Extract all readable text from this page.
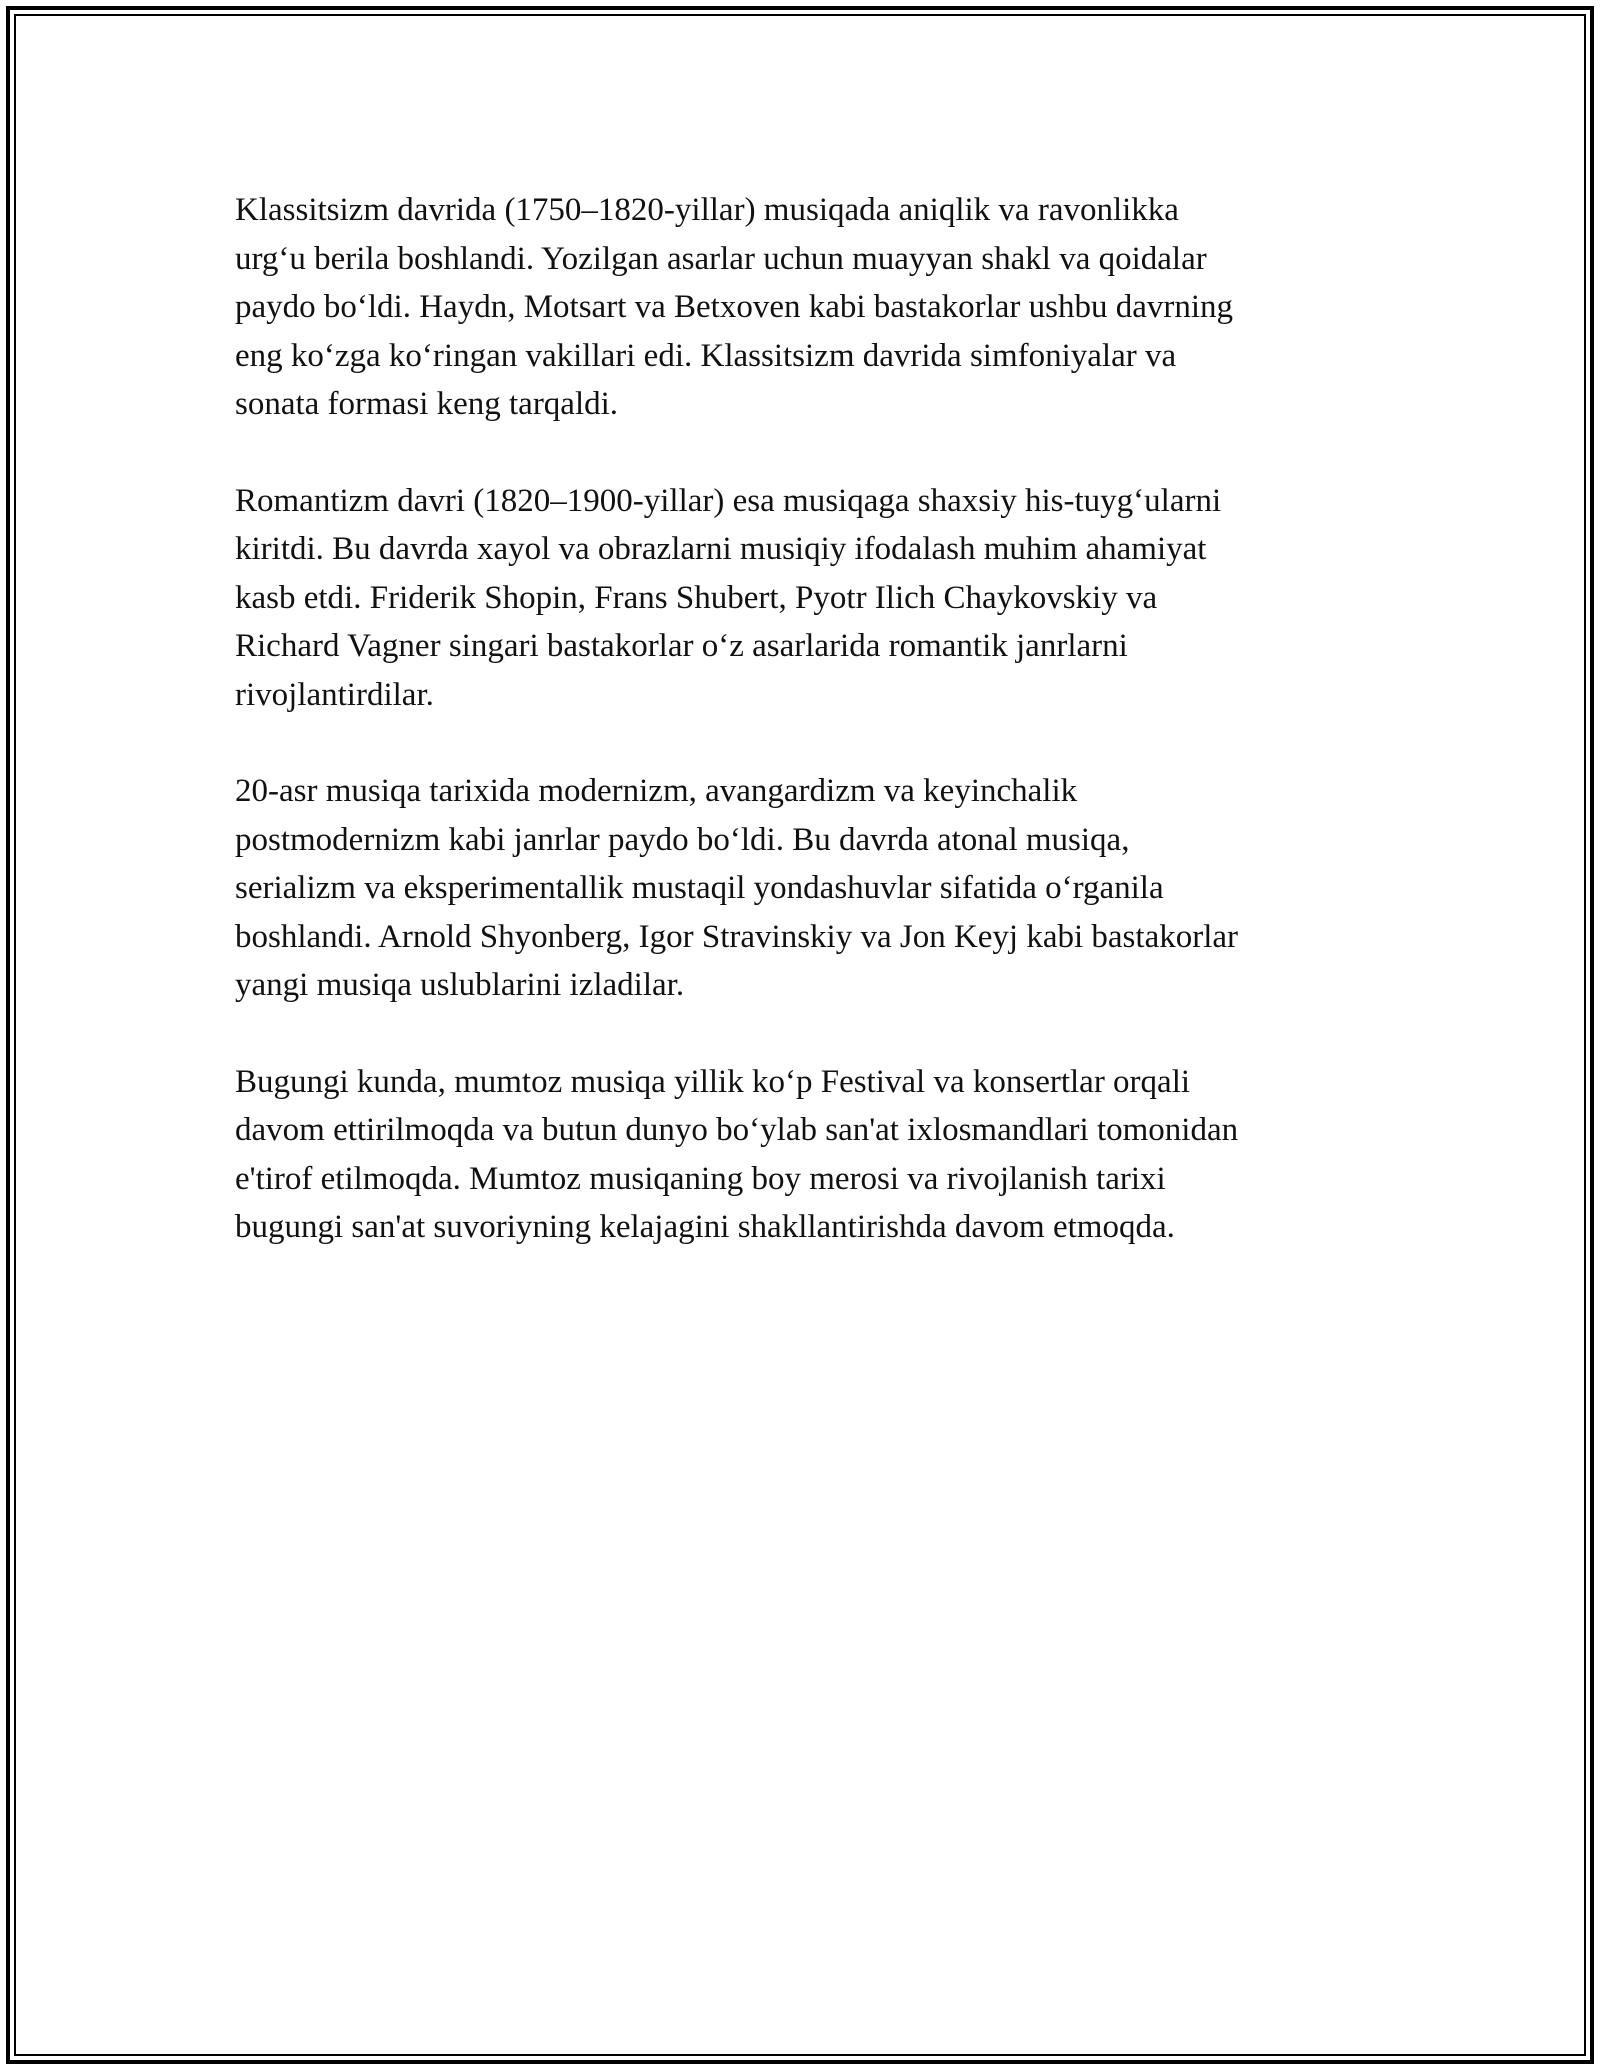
Klassitsizm davrida (1750–1820-yillar) musiqada aniqlik va ravonlikka
urgʻu berila boshlandi. Yozilgan asarlar uchun muayyan shakl va qoidalar
paydo boʻldi. Haydn, Motsart va Betxoven kabi bastakorlar ushbu davrning
eng koʻzga koʻringan vakillari edi. Klassitsizm davrida simfoniyalar va
sonata formasi keng tarqaldi.

Romantizm davri (1820–1900-yillar) esa musiqaga shaxsiy his-tuygʻularni
kiritdi. Bu davrda xayol va obrazlarni musiqiy ifodalash muhim ahamiyat
kasb etdi. Friderik Shopin, Frans Shubert, Pyotr Ilich Chaykovskiy va
Richard Vagner singari bastakorlar oʻz asarlarida romantik janrlarni
rivojlantirdilar.

20-asr musiqa tarixida modernizm, avangardizm va keyinchalik
postmodernizm kabi janrlar paydo boʻldi. Bu davrda atonal musiqa,
serializm va eksperimentallik mustaqil yondashuvlar sifatida oʻrganila
boshlandi. Arnold Shyonberg, Igor Stravinskiy va Jon Keyj kabi bastakorlar
yangi musiqa uslublarini izladilar.

Bugungi kunda, mumtoz musiqa yillik koʻp Festival va konsertlar orqali
davom ettirilmoqda va butun dunyo boʻylab san'at ixlosmandlari tomonidan
e'tirof etilmoqda. Mumtoz musiqaning boy merosi va rivojlanish tarixi
bugungi san'at suvoriyning kelajagini shakllantirishda davom etmoqda.
